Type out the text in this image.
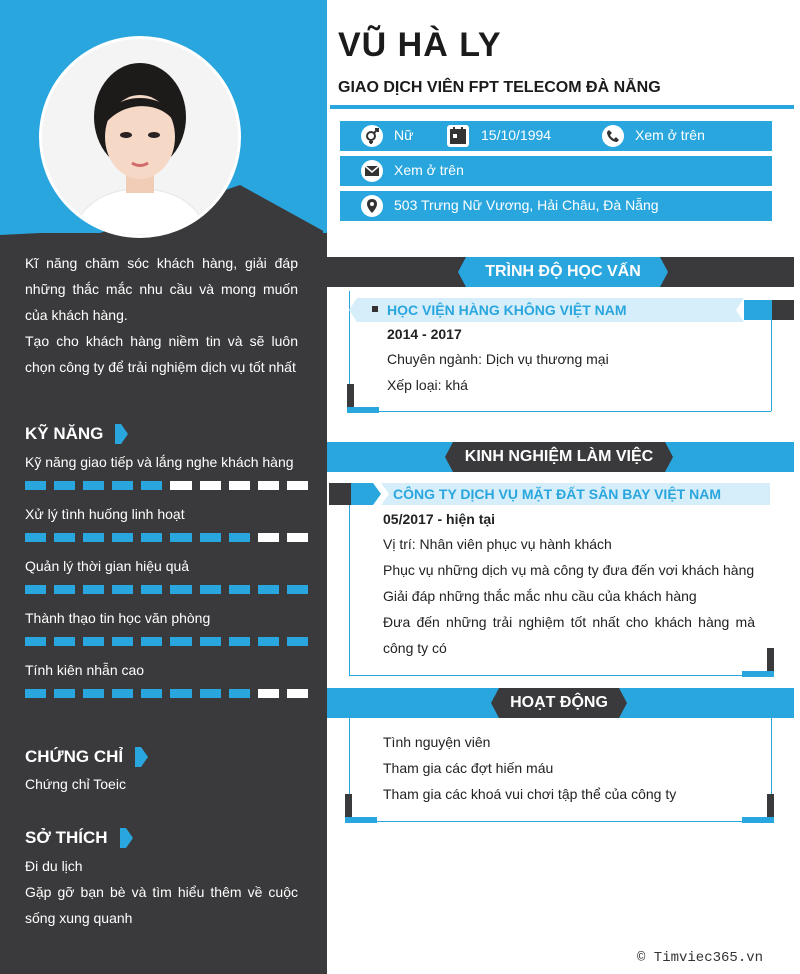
VŨ HÀ LY
GIAO DỊCH VIÊN FPT TELECOM ĐÀ NẴNG
Nữ	15/10/1994	Xem ở trên
Xem ở trên
503 Trưng Nữ Vương, Hải Châu, Đà Nẵng
Kĩ năng chăm sóc khách hàng, giải đáp
những thắc mắc nhu cầu và mong muốn
của khách hàng.
Tạo cho khách hàng niềm tin và sẽ luôn
chọn công ty để trải nghiệm dịch vụ tốt nhất
KỸ NĂNG
Kỹ năng giao tiếp và lắng nghe khách hàng
Xử lý tình huống linh hoạt
Quản lý thời gian hiệu quả
Thành thạo tin học văn phòng
Tính kiên nhẫn cao
CHỨNG CHỈ
Chứng chỉ Toeic
SỞ THÍCH
Đi du lịch
Gặp gỡ bạn bè và tìm hiểu thêm về cuộc
sống xung quanh
TRÌNH ĐỘ HỌC VẤN
HỌC VIỆN HÀNG KHÔNG VIỆT NAM
2014 - 2017
Chuyên ngành: Dịch vụ thương mại
Xếp loại: khá
KINH NGHIỆM LÀM VIỆC
CÔNG TY DỊCH VỤ MẶT ĐẤT SÂN BAY VIỆT NAM
05/2017 - hiện tại
Vị trí: Nhân viên phục vụ hành khách
Phục vụ những dịch vụ mà công ty đưa đến vơi khách hàng
Giải đáp những thắc mắc nhu cầu của khách hàng
Đưa đến những trải nghiệm tốt nhất cho khách hàng mà
công ty có
HOẠT ĐỘNG
Tình nguyện viên
Tham gia các đợt hiến máu
Tham gia các khoá vui chơi tập thể của công ty
© Timviec365.vn
